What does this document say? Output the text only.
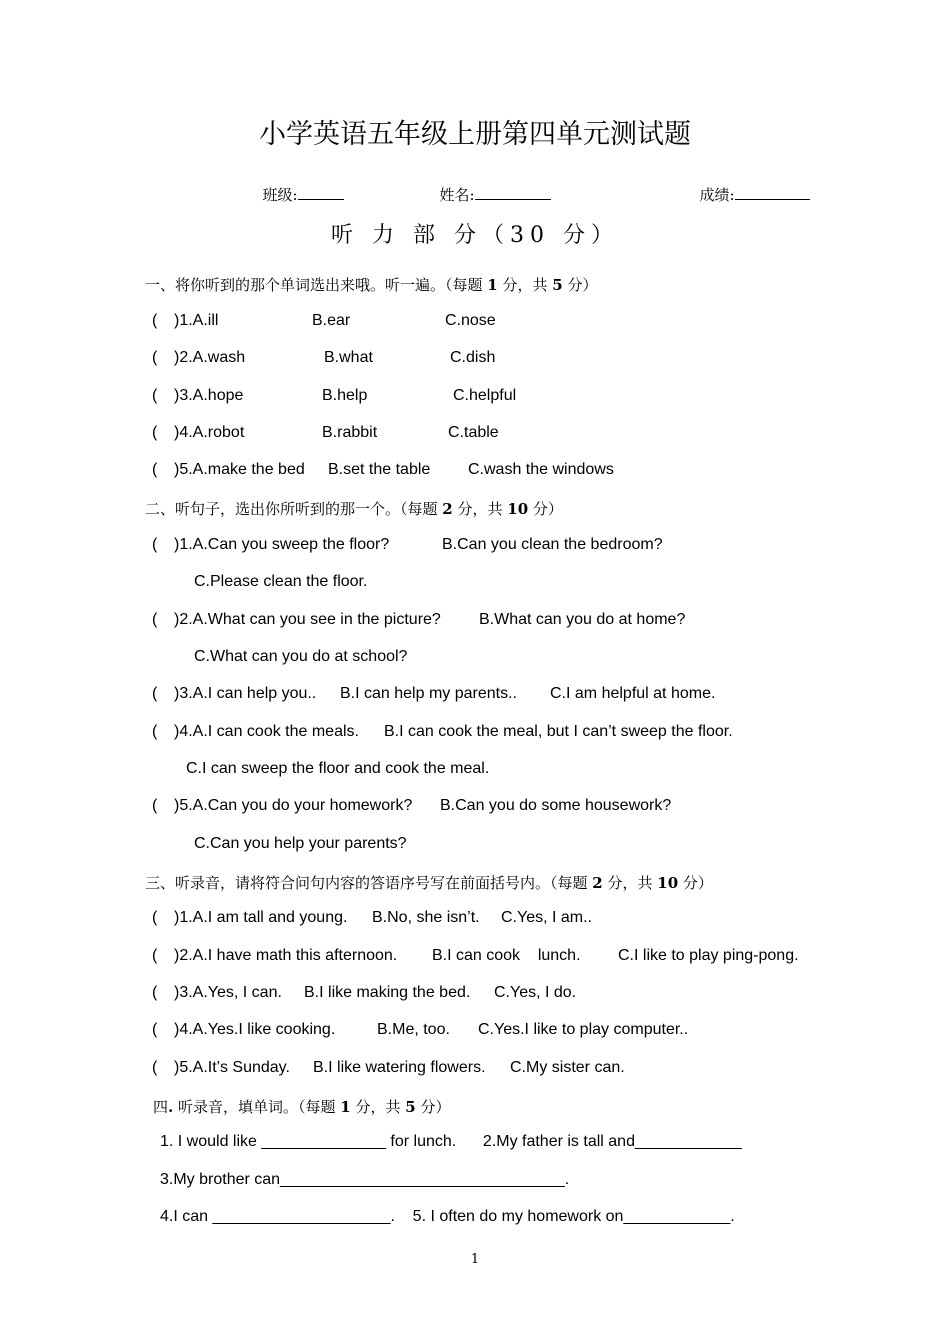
小学英语五年级上册第四单元测试题

班级:	姓名:	成绩:

听 力 部 分（30 分）
一、将你听到的那个单词选出来哦。听一遍。（每题 1 分，共 5 分）
( )1.A.ill	B.ear	C.nose
( )2.A.wash	B.what	C.dish
( )3.A.hope	B.help	C.helpful
( )4.A.robot	B.rabbit	C.table
( )5.A.make the bed B.set the table C.wash the windows
二、听句子，选出你所听到的那一个。（每题 2 分，共 10 分）
( )1.A.Can you sweep the floor?	B.Can you clean the bedroom?
C.Please clean the floor.
( )2.A.What can you see in the picture? B.What can you do at home?
C.What can you do at school?
( )3.A.I can help you.. B.I can help my parents.. C.I am helpful at home.
( )4.A.I can cook the meals. B.I can cook the meal, but I can’t sweep the floor.
C.I can sweep the floor and cook the meal.
( )5.A.Can you do your homework? B.Can you do some housework?
C.Can you help your parents?
三、听录音，请将符合问句内容的答语序号写在前面括号内。（每题 2 分，共 10 分）
( )1.A.I am tall and young. B.No, she isn’t. C.Yes, I am..
( )2.A.I have math this afternoon. B.I can cook    lunch. C.I like to play ping-pong.
( )3.A.Yes, I can. B.I like making the bed. C.Yes, I do.
( )4.A.Yes.I like cooking.	B.Me, too. C.Yes.I like to play computer..
( )5.A.It’s Sunday. B.I like watering flowers. C.My sister can.
四. 听录音，填单词。（每题 1 分，共 5 分）
1. I would like ______________ for lunch.      2.My father is tall and____________
3.My brother can________________________________.
4.I can ____________________.    5. I often do my homework on____________.
1
